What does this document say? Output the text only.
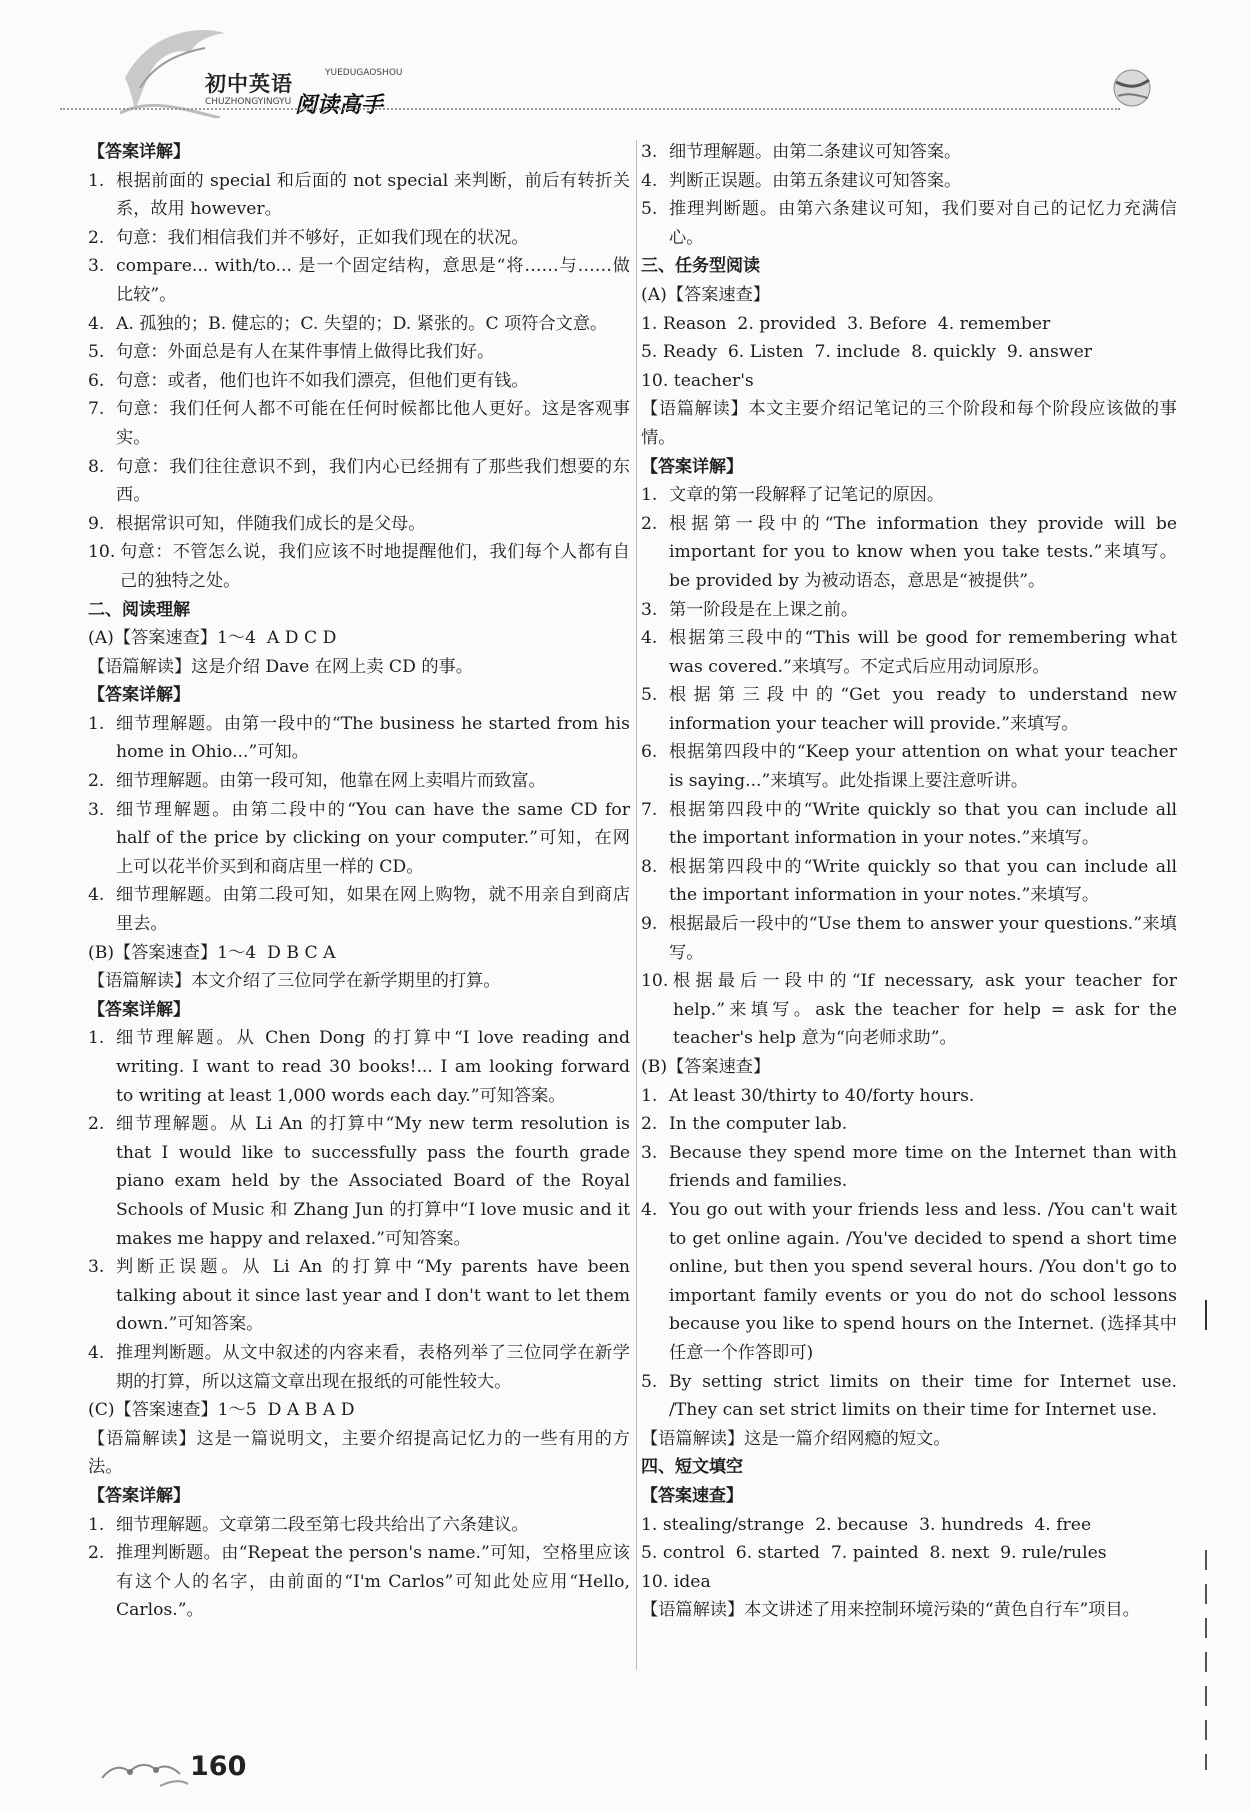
初中英语	YUEDUGAOSHOU
CHUZHONGYINGYU 阅读高手
【答案详解】
1. 根据前面的 special 和后面的 not special 来判断，前后有转折关系，故用 however。
2. 句意：我们相信我们并不够好，正如我们现在的状况。
3. compare... with/to... 是一个固定结构，意思是“将……与……做比较”。
4. A. 孤独的；B. 健忘的；C. 失望的；D. 紧张的。C 项符合文意。
5. 句意：外面总是有人在某件事情上做得比我们好。
6. 句意：或者，他们也许不如我们漂亮，但他们更有钱。
7. 句意：我们任何人都不可能在任何时候都比他人更好。这是客观事实。
8. 句意：我们往往意识不到，我们内心已经拥有了那些我们想要的东西。
9. 根据常识可知，伴随我们成长的是父母。
10. 句意：不管怎么说，我们应该不时地提醒他们，我们每个人都有自己的独特之处。
二、阅读理解
(A)【答案速查】1～4  A D C D
【语篇解读】这是介绍 Dave 在网上卖 CD 的事。
【答案详解】
1. 细节理解题。由第一段中的“The business he started from his home in Ohio...”可知。
2. 细节理解题。由第一段可知，他靠在网上卖唱片而致富。
3. 细节理解题。由第二段中的“You can have the same CD for half of the price by clicking on your computer.”可知，在网上可以花半价买到和商店里一样的 CD。
4. 细节理解题。由第二段可知，如果在网上购物，就不用亲自到商店里去。
(B)【答案速查】1～4  D B C A
【语篇解读】本文介绍了三位同学在新学期里的打算。
【答案详解】
1. 细节理解题。从 Chen Dong 的打算中“I love reading and writing. I want to read 30 books!... I am looking forward to writing at least 1,000 words each day.”可知答案。
2. 细节理解题。从 Li An 的打算中“My new term resolution is that I would like to successfully pass the fourth grade piano exam held by the Associated Board of the Royal Schools of Music 和 Zhang Jun 的打算中“I love music and it makes me happy and relaxed.”可知答案。
3. 判断正误题。从 Li An 的打算中“My parents have been talking about it since last year and I don't want to let them down.”可知答案。
4. 推理判断题。从文中叙述的内容来看，表格列举了三位同学在新学期的打算，所以这篇文章出现在报纸的可能性较大。
(C)【答案速查】1～5  D A B A D
【语篇解读】这是一篇说明文，主要介绍提高记忆力的一些有用的方法。
【答案详解】
1. 细节理解题。文章第二段至第七段共给出了六条建议。
2. 推理判断题。由“Repeat the person's name.”可知，空格里应该有这个人的名字，由前面的“I'm Carlos”可知此处应用“Hello, Carlos.”。
3. 细节理解题。由第二条建议可知答案。
4. 判断正误题。由第五条建议可知答案。
5. 推理判断题。由第六条建议可知，我们要对自己的记忆力充满信心。
三、任务型阅读
(A)【答案速查】
1. Reason  2. provided  3. Before  4. remember
5. Ready  6. Listen  7. include  8. quickly  9. answer
10. teacher's
【语篇解读】本文主要介绍记笔记的三个阶段和每个阶段应该做的事情。
【答案详解】
1. 文章的第一段解释了记笔记的原因。
2. 根据第一段中的“The information they provide will be important for you to know when you take tests.”来填写。be provided by 为被动语态，意思是“被提供”。
3. 第一阶段是在上课之前。
4. 根据第三段中的“This will be good for remembering what was covered.”来填写。不定式后应用动词原形。
5. 根据第三段中的“Get you ready to understand new information your teacher will provide.”来填写。
6. 根据第四段中的“Keep your attention on what your teacher is saying...”来填写。此处指课上要注意听讲。
7. 根据第四段中的“Write quickly so that you can include all the important information in your notes.”来填写。
8. 根据第四段中的“Write quickly so that you can include all the important information in your notes.”来填写。
9. 根据最后一段中的“Use them to answer your questions.”来填写。
10. 根据最后一段中的“If necessary, ask your teacher for help.”来填写。ask the teacher for help = ask for the teacher's help 意为“向老师求助”。
(B)【答案速查】
1. At least 30/thirty to 40/forty hours.
2. In the computer lab.
3. Because they spend more time on the Internet than with friends and families.
4. You go out with your friends less and less. /You can't wait to get online again. /You've decided to spend a short time online, but then you spend several hours. /You don't go to important family events or you do not do school lessons because you like to spend hours on the Internet. (选择其中任意一个作答即可)
5. By setting strict limits on their time for Internet use. /They can set strict limits on their time for Internet use.
【语篇解读】这是一篇介绍网瘾的短文。
四、短文填空
【答案速查】
1. stealing/strange  2. because  3. hundreds  4. free
5. control  6. started  7. painted  8. next  9. rule/rules
10. idea
【语篇解读】本文讲述了用来控制环境污染的“黄色自行车”项目。
160
